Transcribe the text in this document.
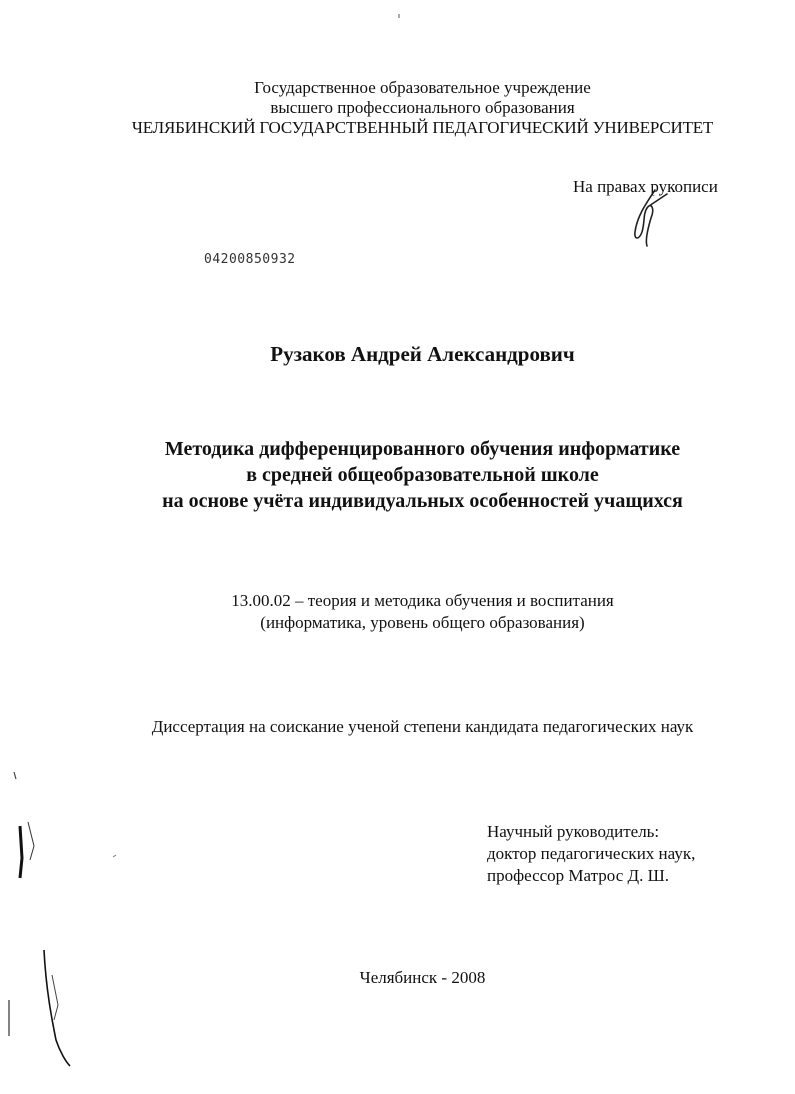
Государственное образовательное учреждение
высшего профессионального образования
ЧЕЛЯБИНСКИЙ ГОСУДАРСТВЕННЫЙ ПЕДАГОГИЧЕСКИЙ УНИВЕРСИТЕТ
На правах рукописи
04200850932
Рузаков Андрей Александрович
Методика дифференцированного обучения информатике
в средней общеобразовательной школе
на основе учёта индивидуальных особенностей учащихся
13.00.02 – теория и методика обучения и воспитания
(информатика, уровень общего образования)
Диссертация на соискание ученой степени кандидата педагогических наук
Научный руководитель:
доктор педагогических наук,
профессор Матрос Д. Ш.
Челябинск - 2008
